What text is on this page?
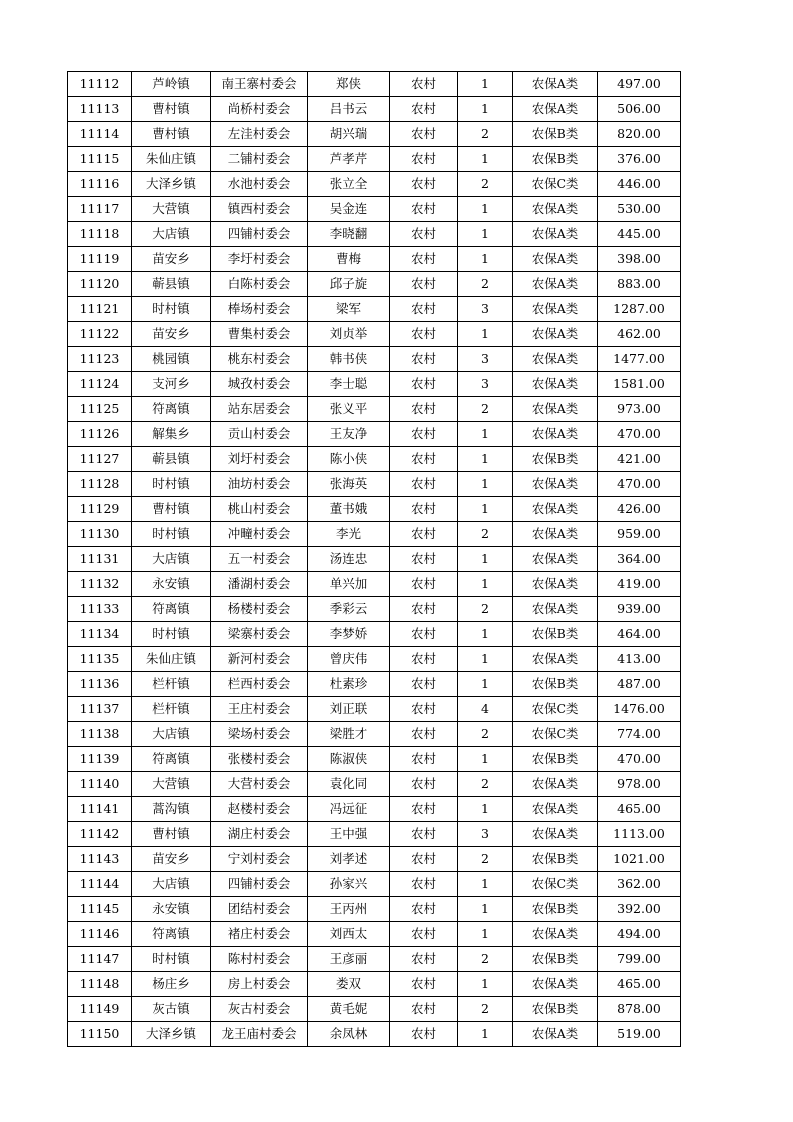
11112	芦岭镇	南王寨村委会	郑侠	农村	1	农保A类	497.00
11113	曹村镇	尚桥村委会	吕书云	农村	1	农保A类	506.00
11114	曹村镇	左洼村委会	胡兴瑞	农村	2	农保B类	820.00
11115	朱仙庄镇	二铺村委会	芦孝芹	农村	1	农保B类	376.00
11116	大泽乡镇	水池村委会	张立全	农村	2	农保C类	446.00
11117	大营镇	镇西村委会	吴金连	农村	1	农保A类	530.00
11118	大店镇	四铺村委会	李晓翻	农村	1	农保A类	445.00
11119	苗安乡	李圩村委会	曹梅	农村	1	农保A类	398.00
11120	蕲县镇	白陈村委会	邱子旋	农村	2	农保A类	883.00
11121	时村镇	棒场村委会	梁军	农村	3	农保A类	1287.00
11122	苗安乡	曹集村委会	刘贞举	农村	1	农保A类	462.00
11123	桃园镇	桃东村委会	韩书侠	农村	3	农保A类	1477.00
11124	支河乡	城孜村委会	李士聪	农村	3	农保A类	1581.00
11125	符离镇	站东居委会	张义平	农村	2	农保A类	973.00
11126	解集乡	贡山村委会	王友净	农村	1	农保A类	470.00
11127	蕲县镇	刘圩村委会	陈小侠	农村	1	农保B类	421.00
11128	时村镇	油坊村委会	张海英	农村	1	农保A类	470.00
11129	曹村镇	桃山村委会	董书娥	农村	1	农保A类	426.00
11130	时村镇	冲疃村委会	李光	农村	2	农保A类	959.00
11131	大店镇	五一村委会	汤连忠	农村	1	农保A类	364.00
11132	永安镇	潘湖村委会	单兴加	农村	1	农保A类	419.00
11133	符离镇	杨楼村委会	季彩云	农村	2	农保A类	939.00
11134	时村镇	梁寨村委会	李梦娇	农村	1	农保B类	464.00
11135	朱仙庄镇	新河村委会	曾庆伟	农村	1	农保A类	413.00
11136	栏杆镇	栏西村委会	杜素珍	农村	1	农保B类	487.00
11137	栏杆镇	王庄村委会	刘正联	农村	4	农保C类	1476.00
11138	大店镇	梁场村委会	梁胜才	农村	2	农保C类	774.00
11139	符离镇	张楼村委会	陈淑侠	农村	1	农保B类	470.00
11140	大营镇	大营村委会	袁化同	农村	2	农保A类	978.00
11141	蒿沟镇	赵楼村委会	冯远征	农村	1	农保A类	465.00
11142	曹村镇	湖庄村委会	王中强	农村	3	农保A类	1113.00
11143	苗安乡	宁刘村委会	刘孝述	农村	2	农保B类	1021.00
11144	大店镇	四铺村委会	孙家兴	农村	1	农保C类	362.00
11145	永安镇	团结村委会	王丙州	农村	1	农保B类	392.00
11146	符离镇	褚庄村委会	刘西太	农村	1	农保A类	494.00
11147	时村镇	陈村村委会	王彦丽	农村	2	农保B类	799.00
11148	杨庄乡	房上村委会	娄双	农村	1	农保A类	465.00
11149	灰古镇	灰古村委会	黄毛妮	农村	2	农保B类	878.00
11150	大泽乡镇	龙王庙村委会	余凤林	农村	1	农保A类	519.00
